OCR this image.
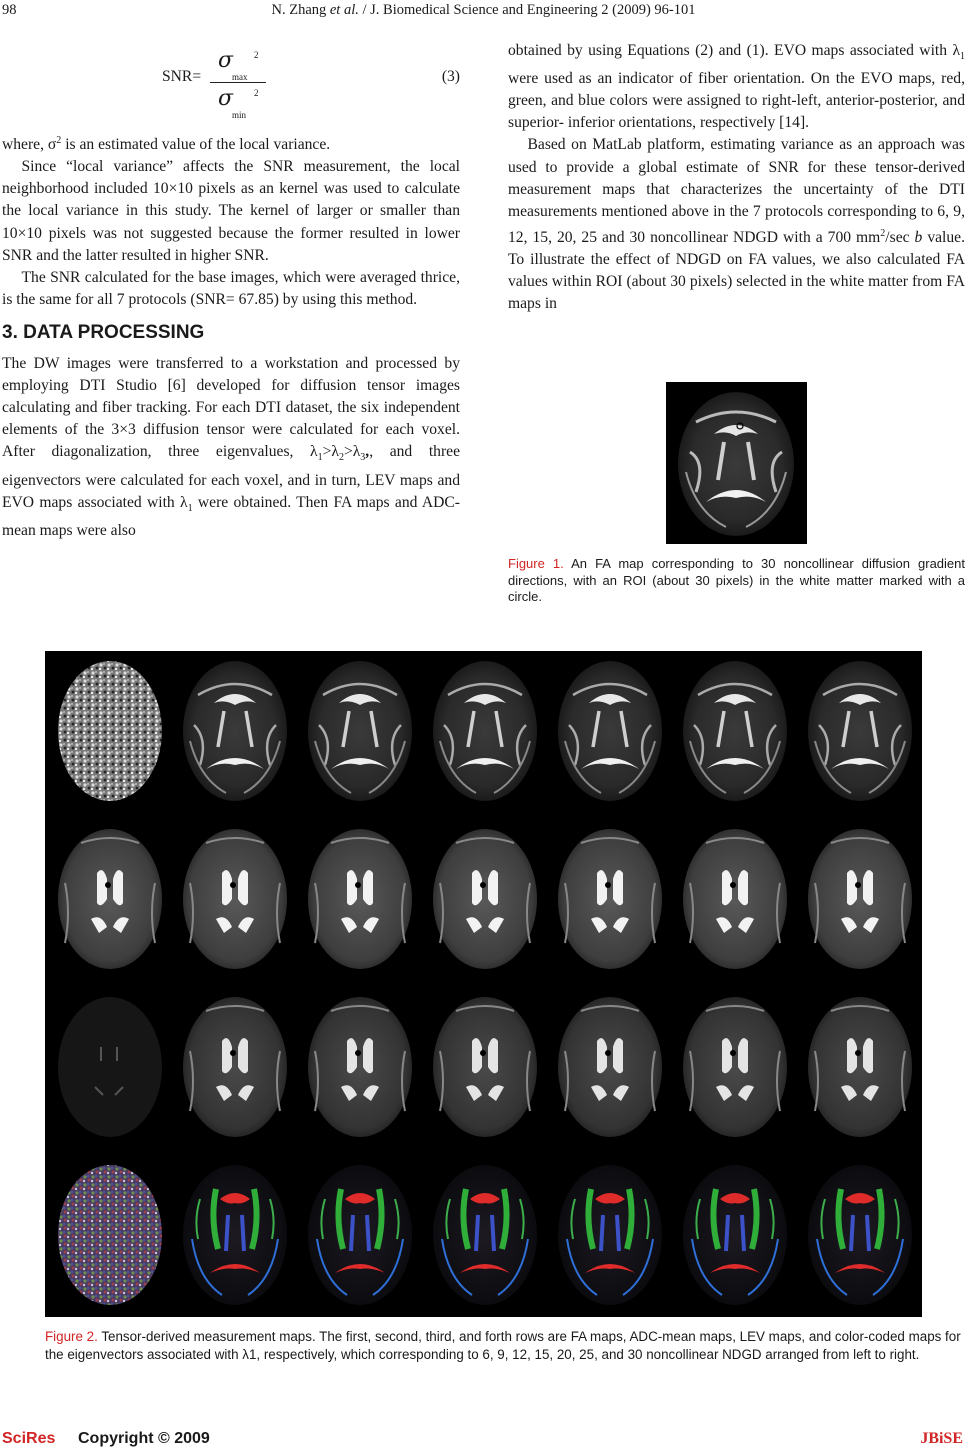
98	N. Zhang et al. / J. Biomedical Science and Engineering 2 (2009) 96-101
SNR=
2
σ
max
2
σ
min
(3)

where, $\sigma^2$ is an estimated value of the local variance.

Since “local variance” affects the SNR measurement, the local neighborhood included 10×10 pixels as an kernel was used to calculate the local variance in this study. The kernel of larger or smaller than 10×10 pixels was not suggested because the former resulted in lower SNR and the latter resulted in higher SNR.

The SNR calculated for the base images, which were averaged thrice, is the same for all 7 protocols (SNR= 67.85) by using this method.

3. DATA PROCESSING

The DW images were transferred to a workstation and processed by employing DTI Studio [6] developed for diffusion tensor images calculating and fiber tracking. For each DTI dataset, the six independent elements of the 3×3 diffusion tensor were calculated for each voxel. After diagonalization, three eigenvalues, $\lambda_1>\lambda_2>\lambda_3$,, and three eigenvectors were calculated for each voxel, and in turn, LEV maps and EVO maps associated with $\lambda_1$ were obtained. Then FA maps and ADC-mean maps were also

obtained by using Equations (2) and (1). EVO maps associated with $\lambda_1$ were used as an indicator of fiber orientation. On the EVO maps, red, green, and blue colors were assigned to right-left, anterior-posterior, and superior- inferior orientations, respectively [14].

Based on MatLab platform, estimating variance as an approach was used to provide a global estimate of SNR for these tensor-derived measurement maps that characterizes the uncertainty of the DTI measurements mentioned above in the 7 protocols corresponding to 6, 9, 12, 15, 20, 25 and 30 noncollinear NDGD with a 700 $mm^2/\sec$ b value. To illustrate the effect of NDGD on FA values, we also calculated FA values within ROI (about 30 pixels) selected in the white matter from FA maps in

Figure 1. An FA map corresponding to 30 noncollinear diffusion gradient directions, with an ROI (about 30 pixels) in the white matter marked with a circle.
Figure 2. Tensor-derived measurement maps. The first, second, third, and forth rows are FA maps, ADC-mean maps, LEV maps, and color-coded maps for the eigenvectors associated with λ1, respectively, which corresponding to 6, 9, 12, 15, 20, 25, and 30 noncollinear NDGD arranged from left to right.
SciRes Copyright © 2009	JBiSE
